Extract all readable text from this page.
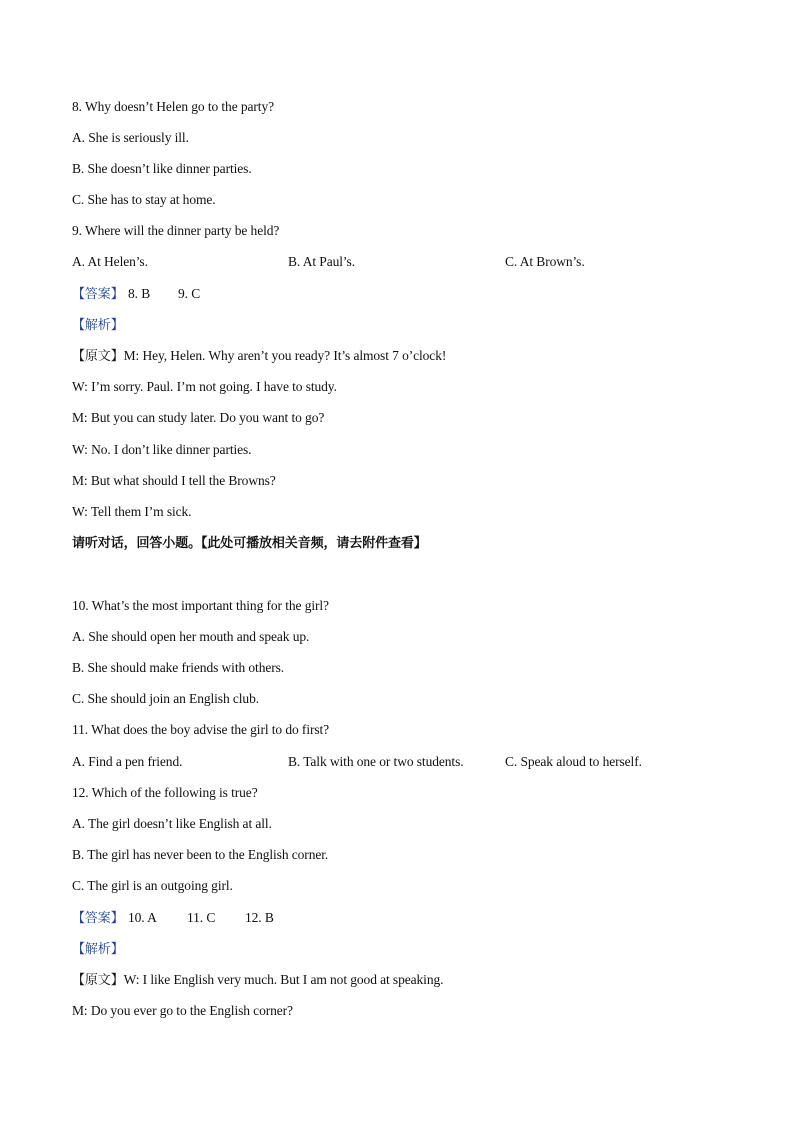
8. Why doesn’t Helen go to the party?
A. She is seriously ill.
B. She doesn’t like dinner parties.
C. She has to stay at home.
9. Where will the dinner party be held?
A. At Helen’s.	B. At Paul’s.	C. At Brown’s.
【答案】 8. B 9. C
【解析】
【原文】M: Hey, Helen. Why aren’t you ready? It’s almost 7 o’clock!
W: I’m sorry. Paul. I’m not going. I have to study.
M: But you can study later. Do you want to go?
W: No. I don’t like dinner parties.
M: But what should I tell the Browns?
W: Tell them I’m sick.
请听对话，回答小题。【此处可播放相关音频，请去附件查看】
10. What’s the most important thing for the girl?
A. She should open her mouth and speak up.
B. She should make friends with others.
C. She should join an English club.
11. What does the boy advise the girl to do first?
A. Find a pen friend.	B. Talk with one or two students.	C. Speak aloud to herself.
12. Which of the following is true?
A. The girl doesn’t like English at all.
B. The girl has never been to the English corner.
C. The girl is an outgoing girl.
【答案】 10. A 11. C 12. B
【解析】
【原文】W: I like English very much. But I am not good at speaking.
M: Do you ever go to the English corner?
